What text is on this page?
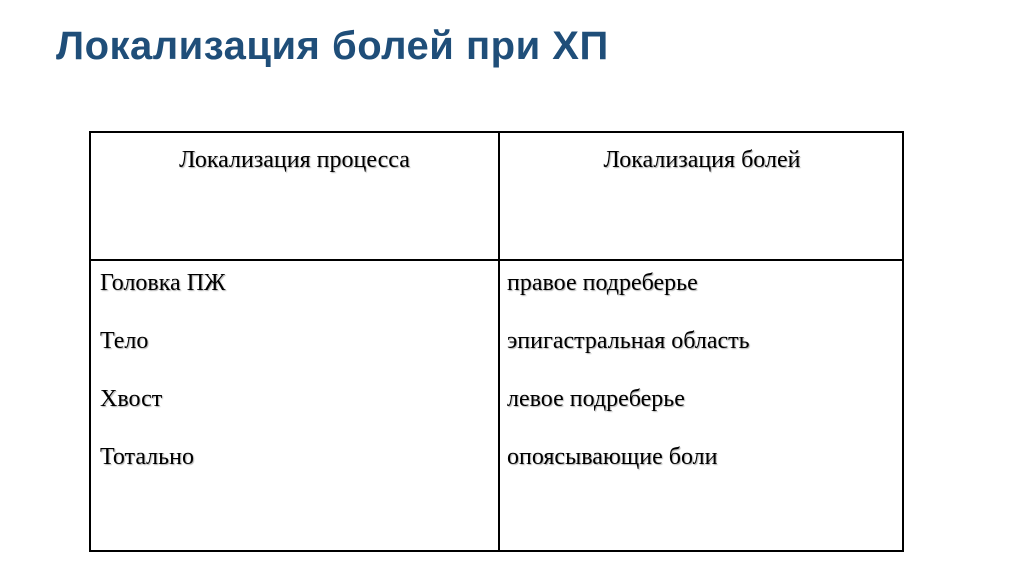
Локализация болей при ХП
Локализация процесса	Локализация болей
Головка ПЖ
Тело
Хвост
Тотально
правое подреберье
эпигастральная область
левое подреберье
опоясывающие боли
